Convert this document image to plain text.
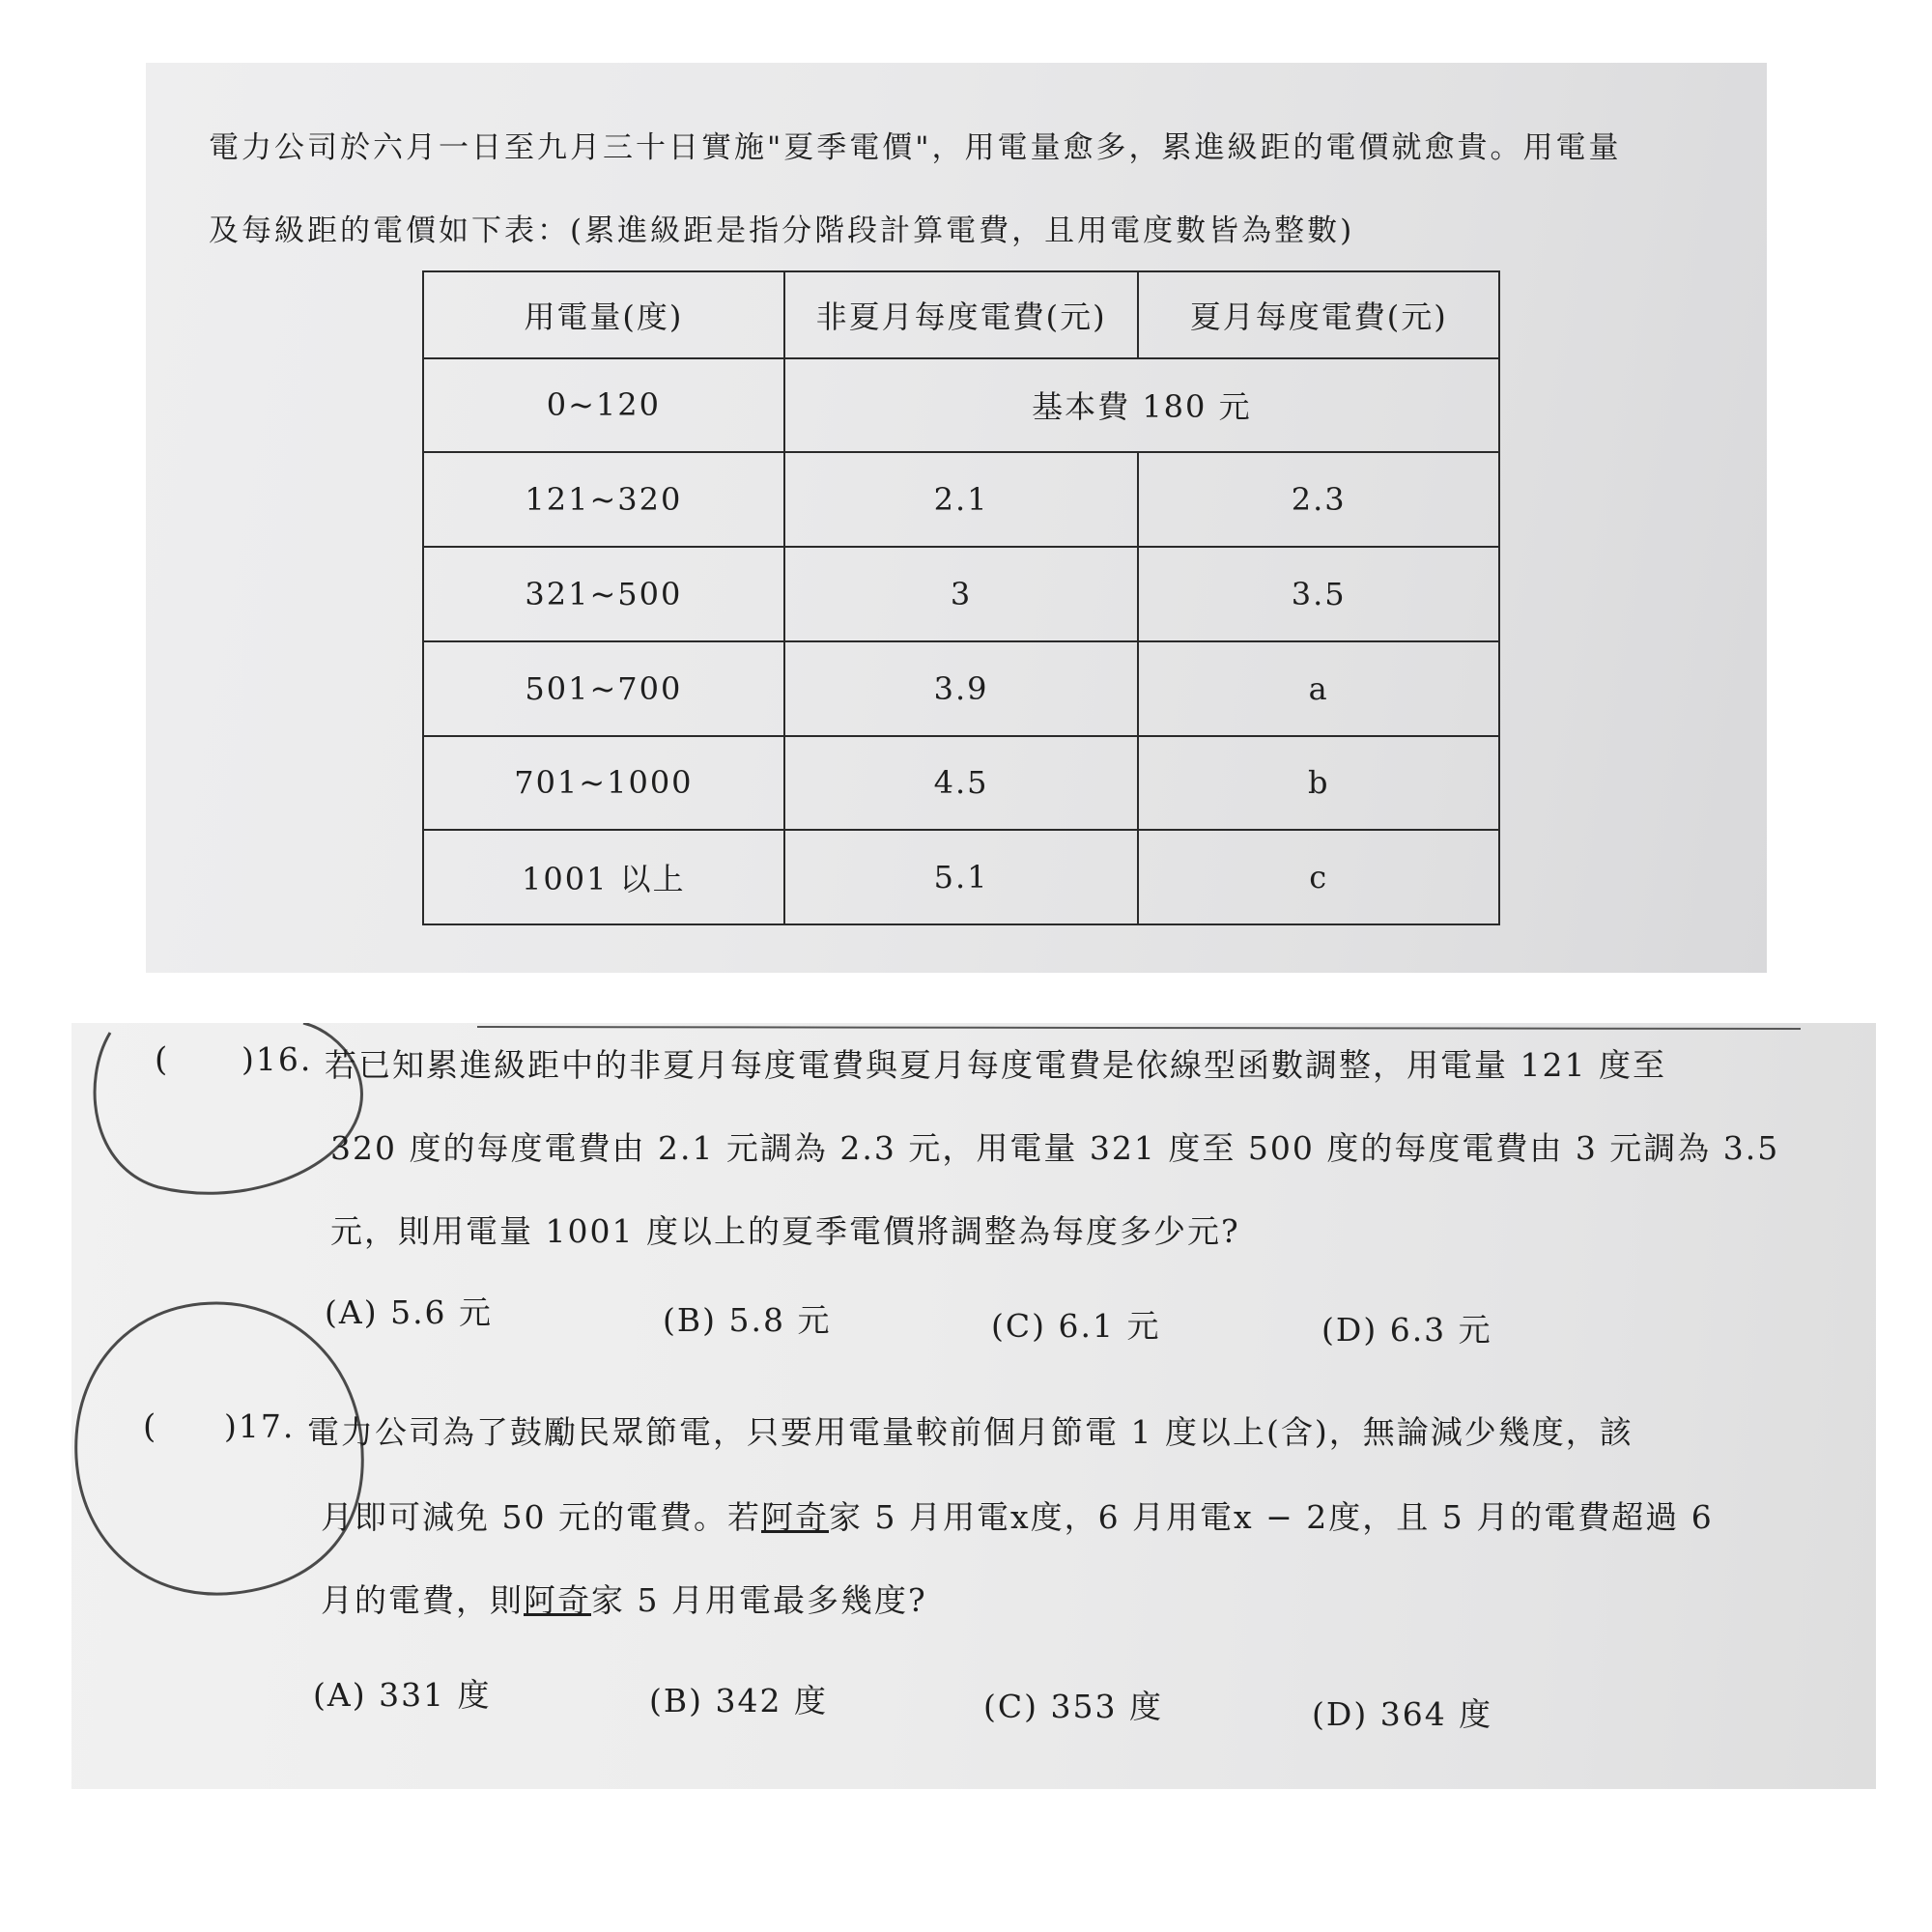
電力公司於六月一日至九月三十日實施"夏季電價"，用電量愈多，累進級距的電價就愈貴。用電量
及每級距的電價如下表：(累進級距是指分階段計算電費，且用電度數皆為整數)
用電量(度)	非夏月每度電費(元)	夏月每度電費(元)
0~120	基本費 180 元	
121~320	2.1	2.3
321~500	3	3.5
501~700	3.9	a
701~1000	4.5	b
1001 以上	5.1	c
( )16. 若已知累進級距中的非夏月每度電費與夏月每度電費是依線型函數調整，用電量 121 度至
320 度的每度電費由 2.1 元調為 2.3 元，用電量 321 度至 500 度的每度電費由 3 元調為 3.5
元，則用電量 1001 度以上的夏季電價將調整為每度多少元?
(A) 5.6 元	(B) 5.8 元	(C) 6.1 元	(D) 6.3 元
( )17. 電力公司為了鼓勵民眾節電，只要用電量較前個月節電 1 度以上(含)，無論減少幾度，該
月即可減免 50 元的電費。若阿奇家 5 月用電x度，6 月用電x − 2度，且 5 月的電費超過 6
月的電費，則阿奇家 5 月用電最多幾度?
(A) 331 度	(B) 342 度	(C) 353 度	(D) 364 度
